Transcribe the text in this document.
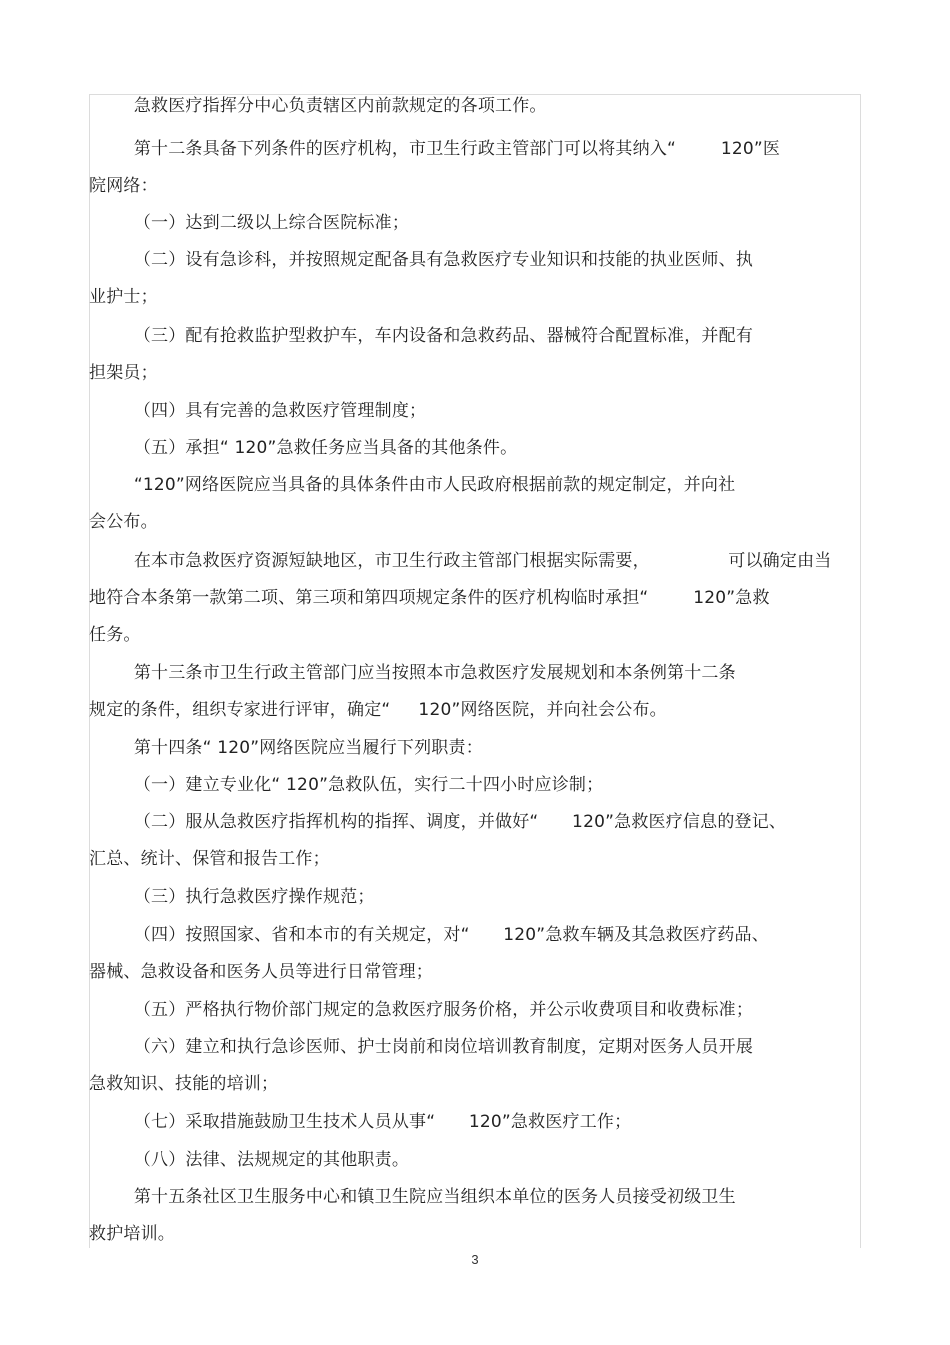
急救医疗指挥分中心负责辖区内前款规定的各项工作。
第十二条具备下列条件的医疗机构，市卫生行政主管部门可以将其纳入“        120”医
院网络：
（一）达到二级以上综合医院标准；
（二）设有急诊科，并按照规定配备具有急救医疗专业知识和技能的执业医师、执
业护士；
（三）配有抢救监护型救护车，车内设备和急救药品、器械符合配置标准，并配有
担架员；
（四）具有完善的急救医疗管理制度；
（五）承担“ 120”急救任务应当具备的其他条件。
“120”网络医院应当具备的具体条件由市人民政府根据前款的规定制定，并向社
会公布。
在本市急救医疗资源短缺地区，市卫生行政主管部门根据实际需要，              可以确定由当
地符合本条第一款第二项、第三项和第四项规定条件的医疗机构临时承担“        120”急救
任务。
第十三条市卫生行政主管部门应当按照本市急救医疗发展规划和本条例第十二条
规定的条件，组织专家进行评审，确定“     120”网络医院，并向社会公布。
第十四条“ 120”网络医院应当履行下列职责：
（一）建立专业化“ 120”急救队伍，实行二十四小时应诊制；
（二）服从急救医疗指挥机构的指挥、调度，并做好“      120”急救医疗信息的登记、
汇总、统计、保管和报告工作；
（三）执行急救医疗操作规范；
（四）按照国家、省和本市的有关规定，对“      120”急救车辆及其急救医疗药品、
器械、急救设备和医务人员等进行日常管理；
（五）严格执行物价部门规定的急救医疗服务价格，并公示收费项目和收费标准；
（六）建立和执行急诊医师、护士岗前和岗位培训教育制度，定期对医务人员开展
急救知识、技能的培训；
（七）采取措施鼓励卫生技术人员从事“      120”急救医疗工作；
（八）法律、法规规定的其他职责。
第十五条社区卫生服务中心和镇卫生院应当组织本单位的医务人员接受初级卫生
救护培训。
3
